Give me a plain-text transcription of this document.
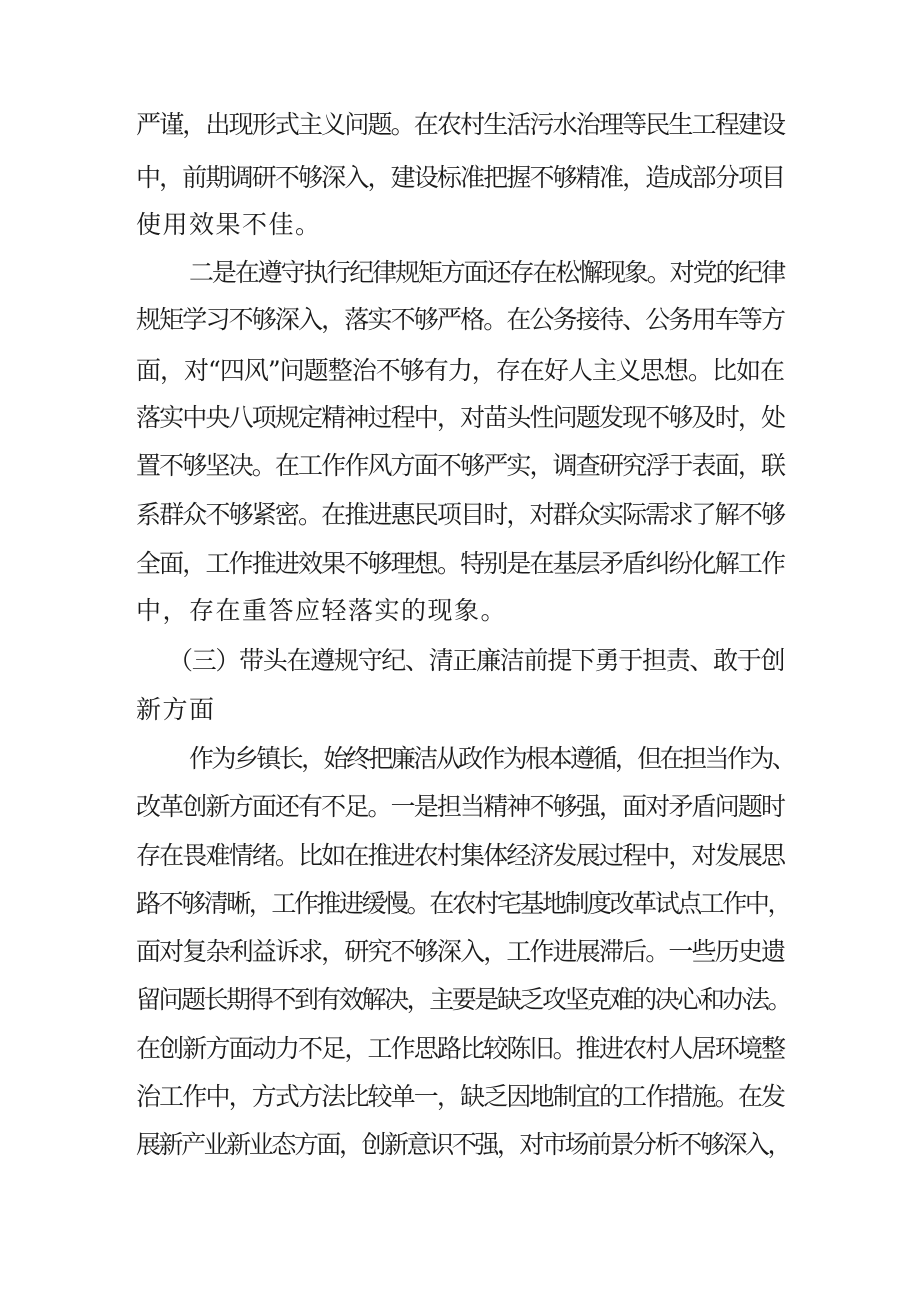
严谨，出现形式主义问题。在农村生活污水治理等民生工程建设
中，前期调研不够深入，建设标准把握不够精准，造成部分项目
使用效果不佳。
二是在遵守执行纪律规矩方面还存在松懈现象。对党的纪律
规矩学习不够深入，落实不够严格。在公务接待、公务用车等方
面，对“四风”问题整治不够有力，存在好人主义思想。比如在
落实中央八项规定精神过程中，对苗头性问题发现不够及时，处
置不够坚决。在工作作风方面不够严实，调查研究浮于表面，联
系群众不够紧密。在推进惠民项目时，对群众实际需求了解不够
全面，工作推进效果不够理想。特别是在基层矛盾纠纷化解工作
中，存在重答应轻落实的现象。
（三）带头在遵规守纪、清正廉洁前提下勇于担责、敢于创
新方面
作为乡镇长，始终把廉洁从政作为根本遵循，但在担当作为、
改革创新方面还有不足。一是担当精神不够强，面对矛盾问题时
存在畏难情绪。比如在推进农村集体经济发展过程中，对发展思
路不够清晰，工作推进缓慢。在农村宅基地制度改革试点工作中，
面对复杂利益诉求，研究不够深入，工作进展滞后。一些历史遗
留问题长期得不到有效解决，主要是缺乏攻坚克难的决心和办法。
在创新方面动力不足，工作思路比较陈旧。推进农村人居环境整
治工作中，方式方法比较单一，缺乏因地制宜的工作措施。在发
展新产业新业态方面，创新意识不强，对市场前景分析不够深入，
